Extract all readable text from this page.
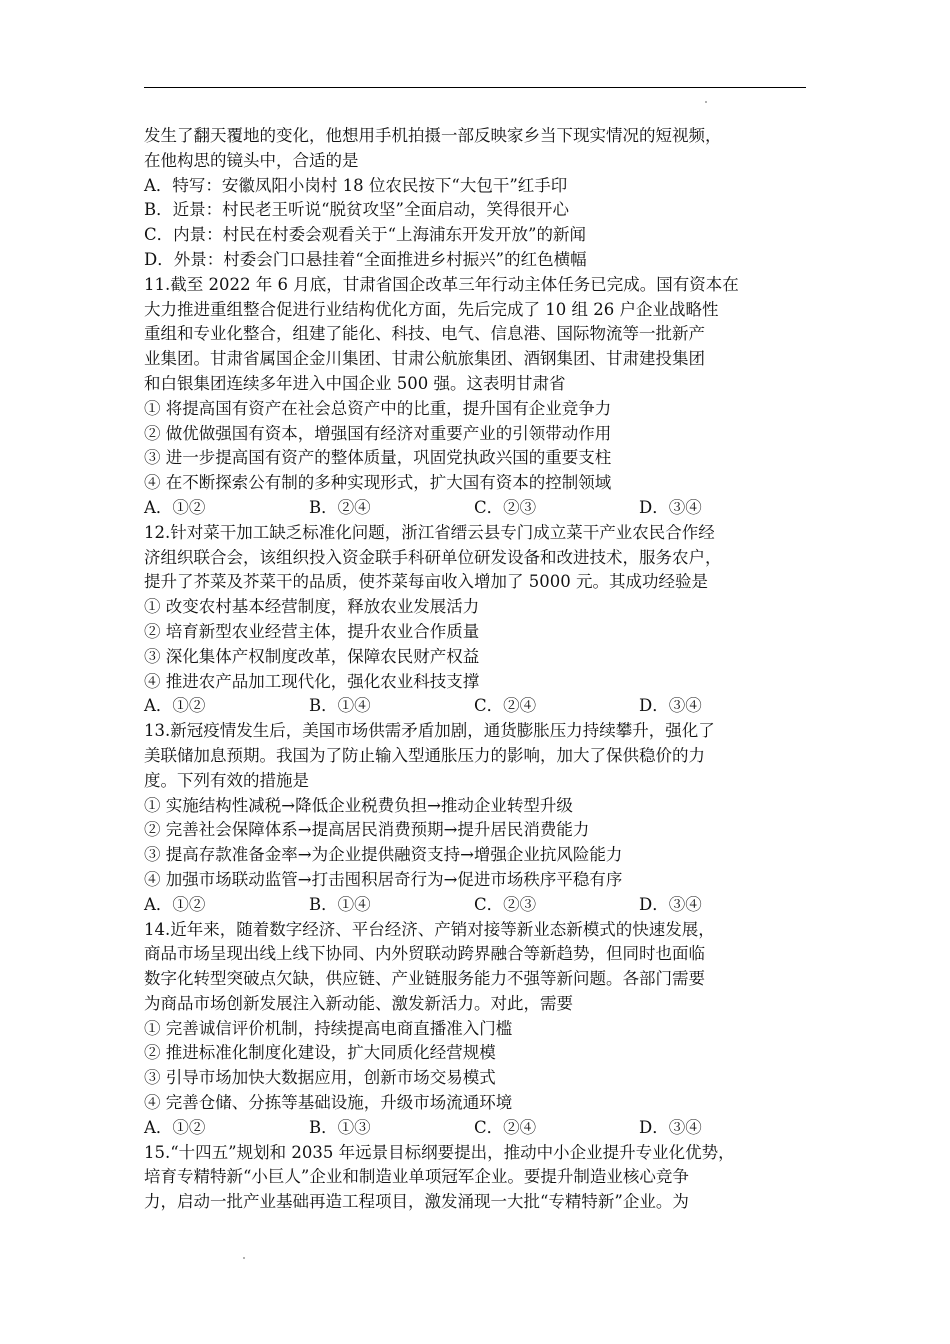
发生了翻天覆地的变化，他想用手机拍摄一部反映家乡当下现实情况的短视频，
在他构思的镜头中，合适的是
A．特写：安徽凤阳小岗村 18 位农民按下“大包干”红手印
B．近景：村民老王听说“脱贫攻坚”全面启动，笑得很开心
C．内景：村民在村委会观看关于“上海浦东开发开放”的新闻
D．外景：村委会门口悬挂着“全面推进乡村振兴”的红色横幅
11.截至 2022 年 6 月底，甘肃省国企改革三年行动主体任务已完成。国有资本在
大力推进重组整合促进行业结构优化方面，先后完成了 10 组 26 户企业战略性
重组和专业化整合，组建了能化、科技、电气、信息港、国际物流等一批新产
业集团。甘肃省属国企金川集团、甘肃公航旅集团、酒钢集团、甘肃建投集团
和白银集团连续多年进入中国企业 500 强。这表明甘肃省
① 将提高国有资产在社会总资产中的比重，提升国有企业竞争力
② 做优做强国有资本，增强国有经济对重要产业的引领带动作用
③ 进一步提高国有资产的整体质量，巩固党执政兴国的重要支柱
④ 在不断探索公有制的多种实现形式，扩大国有资本的控制领域
A．①②	B．②④	C．②③	D．③④
12.针对菜干加工缺乏标准化问题，浙江省缙云县专门成立菜干产业农民合作经
济组织联合会，该组织投入资金联手科研单位研发设备和改进技术，服务农户，
提升了芥菜及芥菜干的品质，使芥菜每亩收入增加了 5000 元。其成功经验是
① 改变农村基本经营制度，释放农业发展活力
② 培育新型农业经营主体，提升农业合作质量
③ 深化集体产权制度改革，保障农民财产权益
④ 推进农产品加工现代化，强化农业科技支撑
A．①②	B．①④	C．②④	D．③④
13.新冠疫情发生后，美国市场供需矛盾加剧，通货膨胀压力持续攀升，强化了
美联储加息预期。我国为了防止输入型通胀压力的影响，加大了保供稳价的力
度。下列有效的措施是
① 实施结构性减税→降低企业税费负担→推动企业转型升级
② 完善社会保障体系→提高居民消费预期→提升居民消费能力
③ 提高存款准备金率→为企业提供融资支持→增强企业抗风险能力
④ 加强市场联动监管→打击囤积居奇行为→促进市场秩序平稳有序
A．①②	B．①④	C．②③	D．③④
14.近年来，随着数字经济、平台经济、产销对接等新业态新模式的快速发展，
商品市场呈现出线上线下协同、内外贸联动跨界融合等新趋势，但同时也面临
数字化转型突破点欠缺，供应链、产业链服务能力不强等新问题。各部门需要
为商品市场创新发展注入新动能、激发新活力。对此，需要
① 完善诚信评价机制，持续提高电商直播准入门槛
② 推进标准化制度化建设，扩大同质化经营规模
③ 引导市场加快大数据应用，创新市场交易模式
④ 完善仓储、分拣等基础设施，升级市场流通环境
A．①②	B．①③	C．②④	D．③④
15.“十四五”规划和 2035 年远景目标纲要提出，推动中小企业提升专业化优势，
培育专精特新“小巨人”企业和制造业单项冠军企业。要提升制造业核心竞争
力，启动一批产业基础再造工程项目，激发涌现一大批“专精特新”企业。为
